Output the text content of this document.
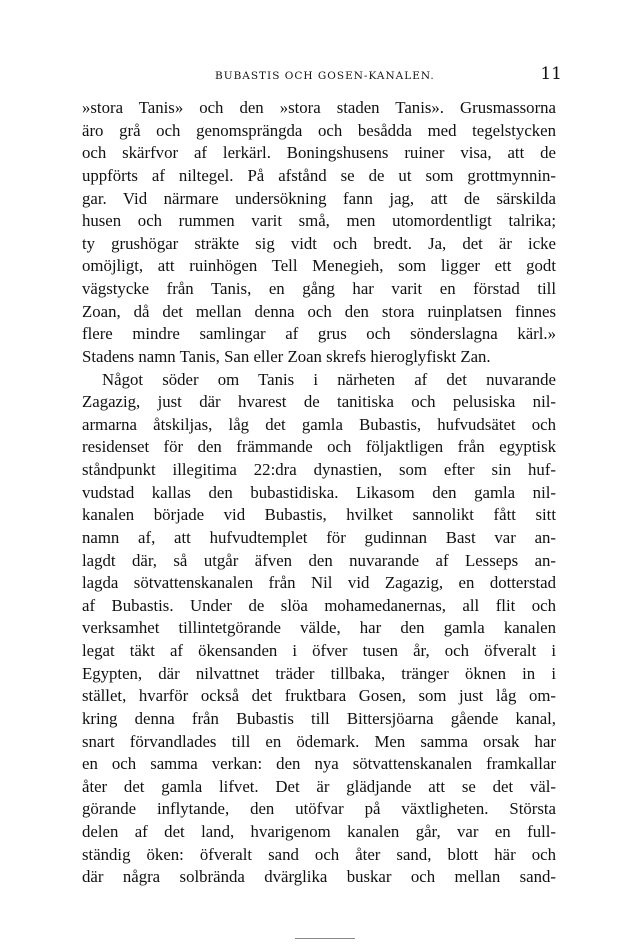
BUBASTIS OCH GOSEN-KANALEN.	11
»stora Tanis» och den »stora staden Tanis». Grusmassorna
äro grå och genomsprängda och besådda med tegelstycken
och skärfvor af lerkärl. Boningshusens ruiner visa, att de
uppförts af niltegel. På afstånd se de ut som grottmynnin-
gar. Vid närmare undersökning fann jag, att de särskilda
husen och rummen varit små, men utomordentligt talrika;
ty grushögar sträkte sig vidt och bredt. Ja, det är icke
omöjligt, att ruinhögen Tell Menegieh, som ligger ett godt
vägstycke från Tanis, en gång har varit en förstad till
Zoan, då det mellan denna och den stora ruinplatsen finnes
flere mindre samlingar af grus och sönderslagna kärl.»
Stadens namn Tanis, San eller Zoan skrefs hieroglyfiskt Zan.
Något söder om Tanis i närheten af det nuvarande
Zagazig, just där hvarest de tanitiska och pelusiska nil-
armarna åtskiljas, låg det gamla Bubastis, hufvudsätet och
residenset för den främmande och följaktligen från egyptisk
ståndpunkt illegitima 22:dra dynastien, som efter sin huf-
vudstad kallas den bubastidiska. Likasom den gamla nil-
kanalen började vid Bubastis, hvilket sannolikt fått sitt
namn af, att hufvudtemplet för gudinnan Bast var an-
lagdt där, så utgår äfven den nuvarande af Lesseps an-
lagda sötvattenskanalen från Nil vid Zagazig, en dotterstad
af Bubastis. Under de slöa mohamedanernas, all flit och
verksamhet tillintetgörande välde, har den gamla kanalen
legat täkt af ökensanden i öfver tusen år, och öfveralt i
Egypten, där nilvattnet träder tillbaka, tränger öknen in i
stället, hvarför också det fruktbara Gosen, som just låg om-
kring denna från Bubastis till Bittersjöarna gående kanal,
snart förvandlades till en ödemark. Men samma orsak har
en och samma verkan: den nya sötvattenskanalen framkallar
åter det gamla lifvet. Det är glädjande att se det väl-
görande inflytande, den utöfvar på växtligheten. Största
delen af det land, hvarigenom kanalen går, var en full-
ständig öken: öfveralt sand och åter sand, blott här och
där några solbrända dvärglika buskar och mellan sand-
